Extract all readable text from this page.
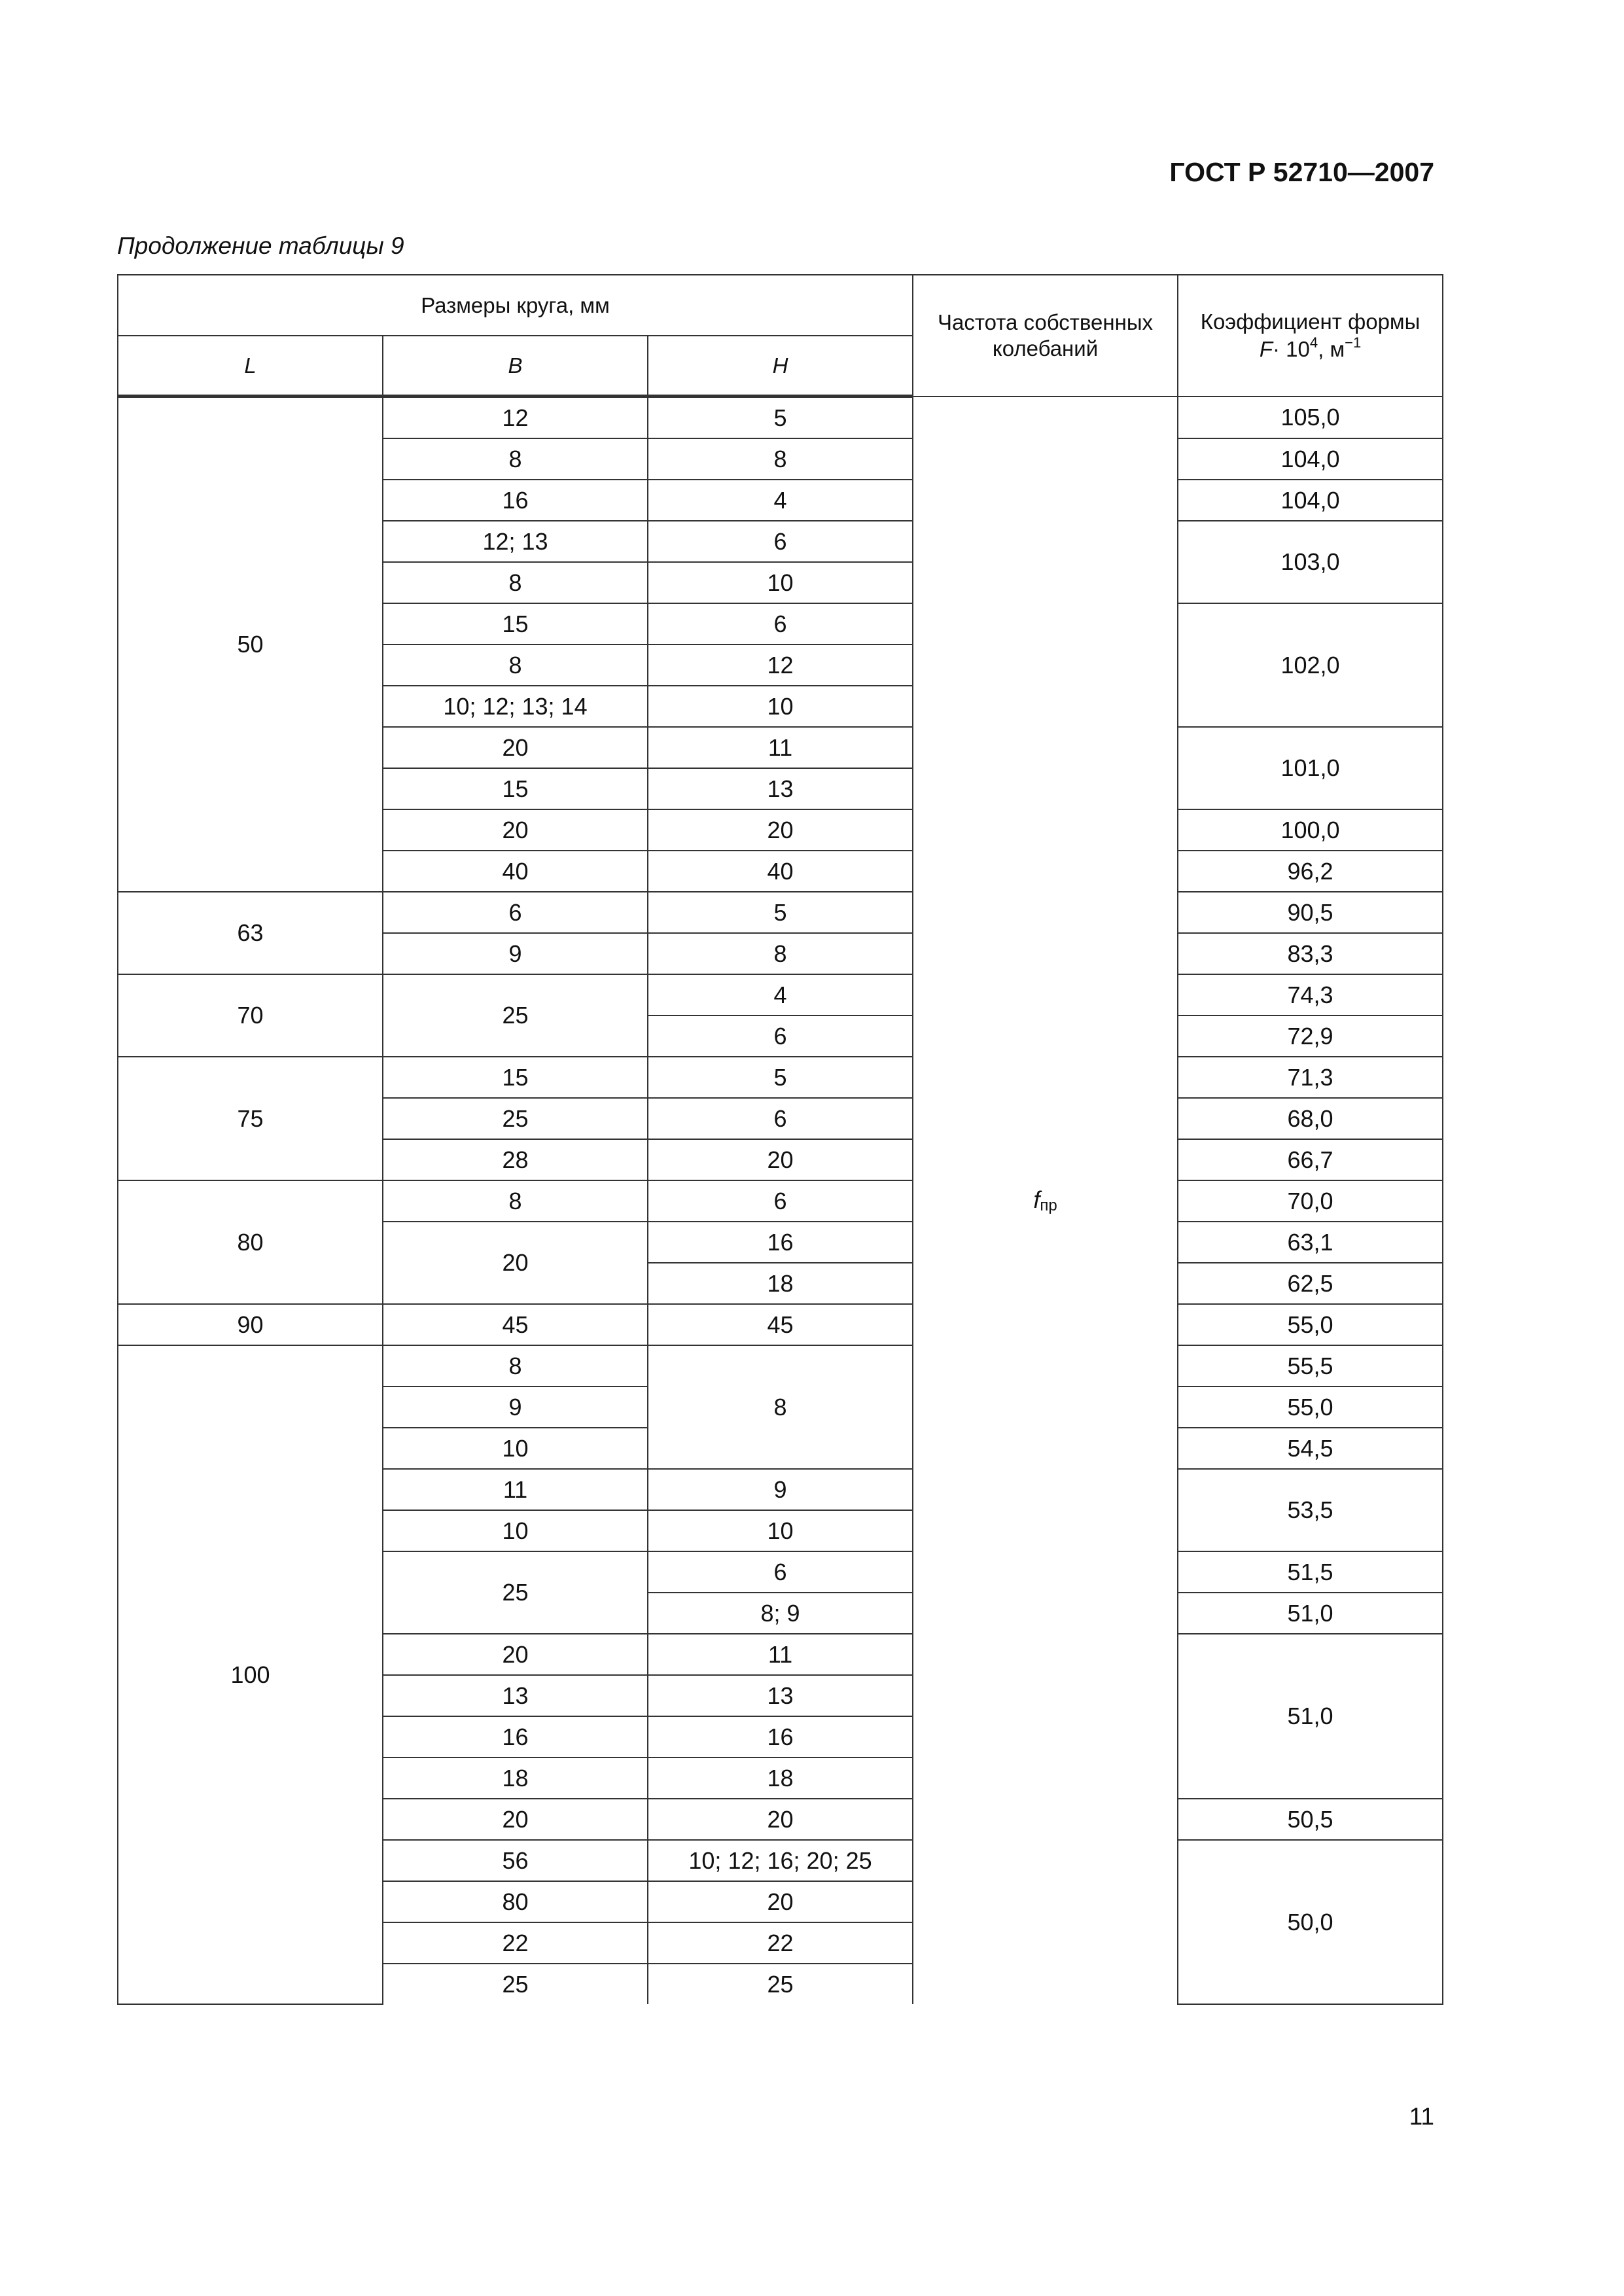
ГОСТ Р 52710—2007
Продолжение таблицы 9
Размеры круга, мм			Частота собственных колебаний	Коэффициент формы
$F\cdot 10^4$, $м^{-1}$
L	B	H		
50	12	5	fпр	105,0
	8	8		104,0
	16	4		104,0
	12; 13	6		103,0
	8	10		
	15	6		102,0
	8	12		
	10; 12; 13; 14	10		
	20	11		101,0
	15	13		
	20	20		100,0
	40	40		96,2
63	6	5		90,5
	9	8		83,3
70	25	4		74,3
		6		72,9
75	15	5		71,3
	25	6		68,0
	28	20		66,7
80	8	6		70,0
	20	16		63,1
		18		62,5
90	45	45		55,0
100	8	8		55,5
	9			55,0
	10			54,5
	11	9		53,5
	10	10		
	25	6		51,5
		8; 9		51,0
	20	11		51,0
	13	13		
	16	16		
	18	18		
	20	20		50,5
	56	10; 12; 16; 20; 25		50,0
	80	20		
	22	22		
	25	25		
11
